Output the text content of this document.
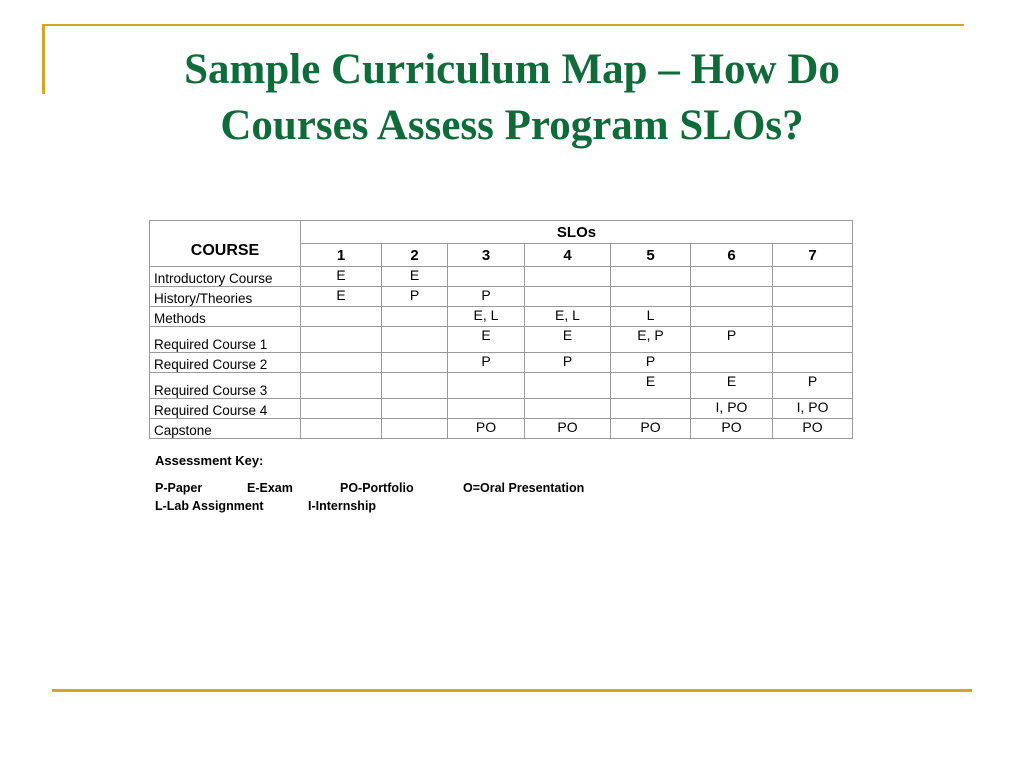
Sample Curriculum Map – How Do
Courses Assess Program SLOs?
COURSE	SLOs						
	1	2	3	4	5	6	7
Introductory Course	E	E					
History/Theories	E	P	P				
Methods			E, L	E, L	L		
Required Course 1			E	E	E, P	P	
Required Course 2			P	P	P		
Required Course 3					E	E	P
Required Course 4						I, PO	I, PO
Capstone			PO	PO	PO	PO	PO
Assessment Key:
P-Paper	E-Exam	PO-Portfolio	O=Oral Presentation
L-Lab Assignment	I-Internship
